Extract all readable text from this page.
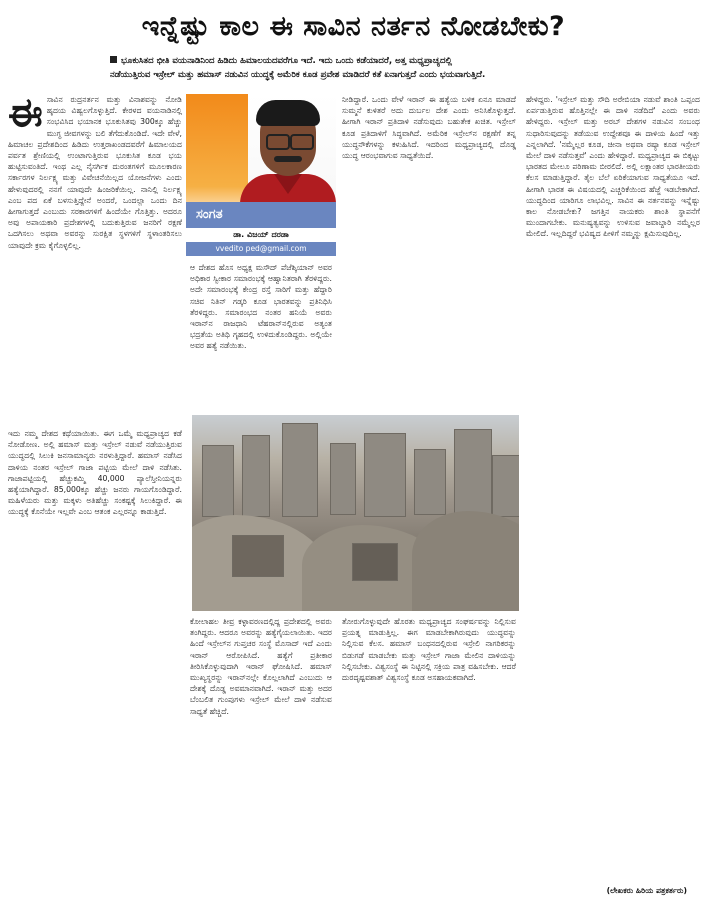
ಇನ್ನೆಷ್ಟು ಕಾಲ ಈ ಸಾವಿನ ನರ್ತನ ನೋಡಬೇಕು?
ಭೂಕುಸಿತದ ಭೀತಿ ವಯನಾಡಿನಿಂದ ಹಿಡಿದು ಹಿಮಾಲಯದವರೆಗೂ ಇದೆ. ಇದು ಒಂದು ಕಡೆಯಾದರೆ, ಅತ್ತ ಮಧ್ಯಪ್ರಾಚ್ಯದಲ್ಲಿ
ನಡೆಯುತ್ತಿರುವ ಇಸ್ರೇಲ್ ಮತ್ತು ಹಮಾಸ್ ನಡುವಿನ ಯುದ್ಧಕ್ಕೆ ಅಮೆರಿಕ ಕೂಡ ಪ್ರವೇಶ ಮಾಡಿದರೆ ಕತೆ ಏನಾಗುತ್ತದೆ ಎಂದು ಭಯವಾಗುತ್ತಿದೆ.

ಈಸಾವಿನ ರುದ್ರನರ್ತನ ಮತ್ತು ವಿನಾಶವನ್ನು ನೋಡಿ ಹೃದಯ ವಿಹ್ವಲಗೊಳ್ಳುತ್ತಿದೆ. ಕೇರಳದ ವಯನಾಡಿನಲ್ಲಿ ಸಂಭವಿಸಿದ ಭಯಾನಕ ಭೂಕುಸಿತವು 300ಕ್ಕೂ ಹೆಚ್ಚು ಮುಗ್ಧ ಜೀವಗಳನ್ನು ಬಲಿ ತೆಗೆದುಕೊಂಡಿದೆ. ಇದೇ ವೇಳೆ, ಹಿಮಾಚಲ ಪ್ರದೇಶದಿಂದ ಹಿಡಿದು ಉತ್ತರಾಖಂಡದವರೆಗೆ ಹಿಮಾಲಯದ ಪರ್ವತ ಶ್ರೇಣಿಯಲ್ಲಿ ಉಂಟಾಗುತ್ತಿರುವ ಭೂಕುಸಿತ ಕೂಡ ಭಯ ಹುಟ್ಟಿಸುವಂತಿದೆ. ಇಂಥ ಎಲ್ಲ ನೈಸರ್ಗಿಕ ದುರಂತಗಳಿಗೆ ಮೂಲಕಾರಣ ಸರ್ಕಾರಗಳ ನಿರ್ಲಕ್ಷ್ಯ ಮತ್ತು ವಿವೇಚನೆಯಿಲ್ಲದ ಯೋಜನೆಗಳು ಎಂದು ಹೇಳುವುದರಲ್ಲಿ ನನಗೆ ಯಾವುದೇ ಹಿಂಜರಿಕೆಯಿಲ್ಲ. ನಾನಿಲ್ಲಿ ನಿರ್ಲಕ್ಷ್ಯ ಎಂಬ ಪದ ಏಕೆ ಬಳಸುತ್ತಿದ್ದೇನೆ ಅಂದರೆ, ಒಂದಲ್ಲಾ ಒಂದು ದಿನ ಹೀಗಾಗುತ್ತದೆ ಎಂಬುದು ಸರಕಾರಗಳಿಗೆ ಹಿಂದೆಯೇ ಗೊತ್ತಿತ್ತು. ಅದರೂ ಅವು ಅಪಾಯಕಾರಿ ಪ್ರದೇಶಗಳಲ್ಲಿ ಬದುಕುತ್ತಿರುವ ಜನರಿಗೆ ರಕ್ಷಣೆ ಒದಗಿಸಲು ಅಥವಾ ಅವರನ್ನು ಸುರಕ್ಷಿತ ಸ್ಥಳಗಳಿಗೆ ಸ್ಥಳಾಂತರಿಸಲು ಯಾವುದೇ ಕ್ರಮ ಕೈಗೊಳ್ಳಲಿಲ್ಲ.

ಇದು ನಮ್ಮ ದೇಶದ ಕಥೆಯಾಯಿತು. ಈಗ ಒಮ್ಮೆ ಮಧ್ಯಪ್ರಾಚ್ಯದ ಕಡೆ ನೋಡೋಣ. ಅಲ್ಲಿ ಹಮಾಸ್ ಮತ್ತು ಇಸ್ರೇಲ್ ನಡುವೆ ನಡೆಯುತ್ತಿರುವ ಯುದ್ಧದಲ್ಲಿ ಸಿಲುಕಿ ಜನಸಾಮಾನ್ಯರು ನರಳುತ್ತಿದ್ದಾರೆ. ಹಮಾಸ್ ನಡೆಸಿದ ದಾಳಿಯ ನಂತರ ಇಸ್ರೇಲ್ ಗಾಜಾ ಪಟ್ಟಿಯ ಮೇಲೆ ದಾಳಿ ನಡೆಸಿತು. ಗಾಜಾಪಟ್ಟಿಯಲ್ಲಿ ಹೆಚ್ಚುಕಮ್ಮಿ 40,000 ಪ್ಯಾಲೆಸ್ತೀನಿಯನ್ನರು ಹತ್ಯೆಯಾಗಿದ್ದಾರೆ. 85,000ಕ್ಕೂ ಹೆಚ್ಚು ಜನರು ಗಾಯಗೊಂಡಿದ್ದಾರೆ. ಮಹಿಳೆಯರು ಮತ್ತು ಮಕ್ಕಳು ಅತಿಹೆಚ್ಚು ಸಂಕಷ್ಟಕ್ಕೆ ಸಿಲುಕಿದ್ದಾರೆ. ಈ ಯುದ್ಧಕ್ಕೆ ಕೊನೆಯೇ ಇಲ್ಲವೇ ಎಂಬ ಆತಂಕ ಎಲ್ಲರನ್ನೂ ಕಾಡುತ್ತಿದೆ.

ಸಂಗತ
ಡಾ. ವಿಜಯ್ ದರಡಾ
vvedito ped@gmail.com

ಆ ದೇಶದ ಹೊಸ ಅಧ್ಯಕ್ಷ ಮಸೌದ್ ಪೆಜೆಶ್ಕಿಯಾನ್ ಅವರ ಅಧಿಕಾರ ಸ್ವೀಕಾರ ಸಮಾರಂಭಕ್ಕೆ ಆಹ್ವಾನಿತರಾಗಿ ತೆರಳಿದ್ದರು. ಅದೇ ಸಮಾರಂಭಕ್ಕೆ ಕೇಂದ್ರ ರಸ್ತೆ ಸಾರಿಗೆ ಮತ್ತು ಹೆದ್ದಾರಿ ಸಚಿವ ನಿತಿನ್ ಗಡ್ಕರಿ ಕೂಡ ಭಾರತವನ್ನು ಪ್ರತಿನಿಧಿಸಿ ತೆರಳಿದ್ದರು. ಸಮಾರಂಭದ ನಂತರ ಹನಿಯೆ ಅವರು ಇರಾನ್‌ನ ರಾಜಧಾನಿ ಟೆಹರಾನ್‌ನಲ್ಲಿರುವ ಅತ್ಯಂತ ಭದ್ರತೆಯ ಅತಿಥಿ ಗೃಹದಲ್ಲಿ ಉಳಿದುಕೊಂಡಿದ್ದರು. ಅಲ್ಲಿಯೇ ಅವರ ಹತ್ಯೆ ನಡೆಯಿತು.

ನೀಡಿದ್ದಾರೆ. ಒಂದು ವೇಳೆ ಇರಾನ್ ಈ ಹತ್ಯೆಯ ಬಳಿಕ ಏನೂ ಮಾಡದೆ ಸುಮ್ಮನೆ ಕುಳಿತರೆ ಅದು ದುರ್ಬಲ ದೇಶ ಎಂದು ಅನಿಸಿಕೊಳ್ಳುತ್ತದೆ. ಹೀಗಾಗಿ ಇರಾನ್ ಪ್ರತಿದಾಳಿ ನಡೆಸುವುದು ಬಹುತೇಕ ಖಚಿತ. ಇಸ್ರೇಲ್ ಕೂಡ ಪ್ರತಿದಾಳಿಗೆ ಸಿದ್ಧವಾಗಿದೆ. ಅಮೆರಿಕ ಇಸ್ರೇಲ್‌ನ ರಕ್ಷಣೆಗೆ ತನ್ನ ಯುದ್ಧನೌಕೆಗಳನ್ನು ಕಳುಹಿಸಿದೆ. ಇದರಿಂದ ಮಧ್ಯಪ್ರಾಚ್ಯದಲ್ಲಿ ದೊಡ್ಡ ಯುದ್ಧ ಆರಂಭವಾಗುವ ಸಾಧ್ಯತೆಯಿದೆ.

ಕೋಲಾಹಲ ತೀವ್ರ ಕಳ್ಳಾವರಣದಲ್ಲಿದ್ದ ಪ್ರದೇಶದಲ್ಲಿ ಅವರು ತಂಗಿದ್ದರು. ಆದರೂ ಅವರನ್ನು ಹತ್ಯೆಗೈಯಲಾಯಿತು. ಇದರ ಹಿಂದೆ ಇಸ್ರೇಲ್‌ನ ಗುಪ್ತಚರ ಸಂಸ್ಥೆ ಮೊಸಾದ್ ಇದೆ ಎಂದು ಇರಾನ್ ಆರೋಪಿಸಿದೆ. ಹತ್ಯೆಗೆ ಪ್ರತೀಕಾರ ತೀರಿಸಿಕೊಳ್ಳುವುದಾಗಿ ಇರಾನ್ ಘೋಷಿಸಿದೆ. ಹಮಾಸ್ ಮುಖ್ಯಸ್ಥರನ್ನು ಇರಾನ್‌ನಲ್ಲೇ ಕೊಲ್ಲಲಾಗಿದೆ ಎಂಬುದು ಆ ದೇಶಕ್ಕೆ ದೊಡ್ಡ ಅವಮಾನವಾಗಿದೆ. ಇರಾನ್ ಮತ್ತು ಅದರ ಬೆಂಬಲಿತ ಗುಂಪುಗಳು ಇಸ್ರೇಲ್ ಮೇಲೆ ದಾಳಿ ನಡೆಸುವ ಸಾಧ್ಯತೆ ಹೆಚ್ಚಿದೆ.

ತೋರುಗೊಳ್ಳುವುದೇ ಹೊರತು ಮಧ್ಯಪ್ರಾಚ್ಯದ ಸಂಘರ್ಷವನ್ನು ನಿಲ್ಲಿಸುವ ಪ್ರಯತ್ನ ಮಾಡುತ್ತಿಲ್ಲ. ಈಗ ಮಾಡಬೇಕಾಗಿರುವುದು ಯುದ್ಧವನ್ನು ನಿಲ್ಲಿಸುವ ಕೆಲಸ. ಹಮಾಸ್ ಬಂಧನದಲ್ಲಿರುವ ಇಸ್ರೇಲಿ ನಾಗರಿಕರನ್ನು ಬಿಡುಗಡೆ ಮಾಡಬೇಕು ಮತ್ತು ಇಸ್ರೇಲ್ ಗಾಜಾ ಮೇಲಿನ ದಾಳಿಯನ್ನು ನಿಲ್ಲಿಸಬೇಕು. ವಿಶ್ವಸಂಸ್ಥೆ ಈ ನಿಟ್ಟಿನಲ್ಲಿ ಸಕ್ರಿಯ ಪಾತ್ರ ವಹಿಸಬೇಕು. ಆದರೆ ದುರದೃಷ್ಟವಶಾತ್ ವಿಶ್ವಸಂಸ್ಥೆ ಕೂಡ ಅಸಹಾಯಕವಾಗಿದೆ.

ಹೇಳಿದ್ದರು. 'ಇಸ್ರೇಲ್ ಮತ್ತು ಸೌದಿ ಅರೇಬಿಯಾ ನಡುವೆ ಶಾಂತಿ ಒಪ್ಪಂದ ಏರ್ಪಡುತ್ತಿರುವ ಹೊತ್ತಿನಲ್ಲೇ ಈ ದಾಳಿ ನಡೆದಿದೆ' ಎಂದು ಅವರು ಹೇಳಿದ್ದರು. ಇಸ್ರೇಲ್ ಮತ್ತು ಅರಬ್ ದೇಶಗಳ ನಡುವಿನ ಸಂಬಂಧ ಸುಧಾರಿಸುವುದನ್ನು ತಡೆಯುವ ಉದ್ದೇಶವೂ ಈ ದಾಳಿಯ ಹಿಂದೆ ಇತ್ತು ಎನ್ನಲಾಗಿದೆ. 'ನಮ್ಮೆಲ್ಲರ ಕೂಡ, ಚೀನಾ ಅಥವಾ ರಷ್ಯಾ ಕೂಡ ಇಸ್ರೇಲ್ ಮೇಲೆ ದಾಳಿ ನಡೆಸುತ್ತವೆ' ಎಂದು ಹೇಳಿದ್ದಾರೆ. ಮಧ್ಯಪ್ರಾಚ್ಯದ ಈ ಬಿಕ್ಕಟ್ಟು ಭಾರತದ ಮೇಲೂ ಪರಿಣಾಮ ಬೀರಲಿದೆ. ಅಲ್ಲಿ ಲಕ್ಷಾಂತರ ಭಾರತೀಯರು ಕೆಲಸ ಮಾಡುತ್ತಿದ್ದಾರೆ. ತೈಲ ಬೆಲೆ ಏರಿಕೆಯಾಗುವ ಸಾಧ್ಯತೆಯೂ ಇದೆ. ಹೀಗಾಗಿ ಭಾರತ ಈ ವಿಷಯದಲ್ಲಿ ಎಚ್ಚರಿಕೆಯಿಂದ ಹೆಜ್ಜೆ ಇಡಬೇಕಾಗಿದೆ. ಯುದ್ಧದಿಂದ ಯಾರಿಗೂ ಲಾಭವಿಲ್ಲ. ಸಾವಿನ ಈ ನರ್ತನವನ್ನು ಇನ್ನೆಷ್ಟು ಕಾಲ ನೋಡಬೇಕು? ಜಗತ್ತಿನ ನಾಯಕರು ಶಾಂತಿ ಸ್ಥಾಪನೆಗೆ ಮುಂದಾಗಬೇಕು. ಮನುಷ್ಯತ್ವವನ್ನು ಉಳಿಸುವ ಜವಾಬ್ದಾರಿ ನಮ್ಮೆಲ್ಲರ ಮೇಲಿದೆ. ಇಲ್ಲದಿದ್ದರೆ ಭವಿಷ್ಯದ ಪೀಳಿಗೆ ನಮ್ಮನ್ನು ಕ್ಷಮಿಸುವುದಿಲ್ಲ.

(ಲೇಖಕರು ಹಿರಿಯ ಪತ್ರಕರ್ತರು)
